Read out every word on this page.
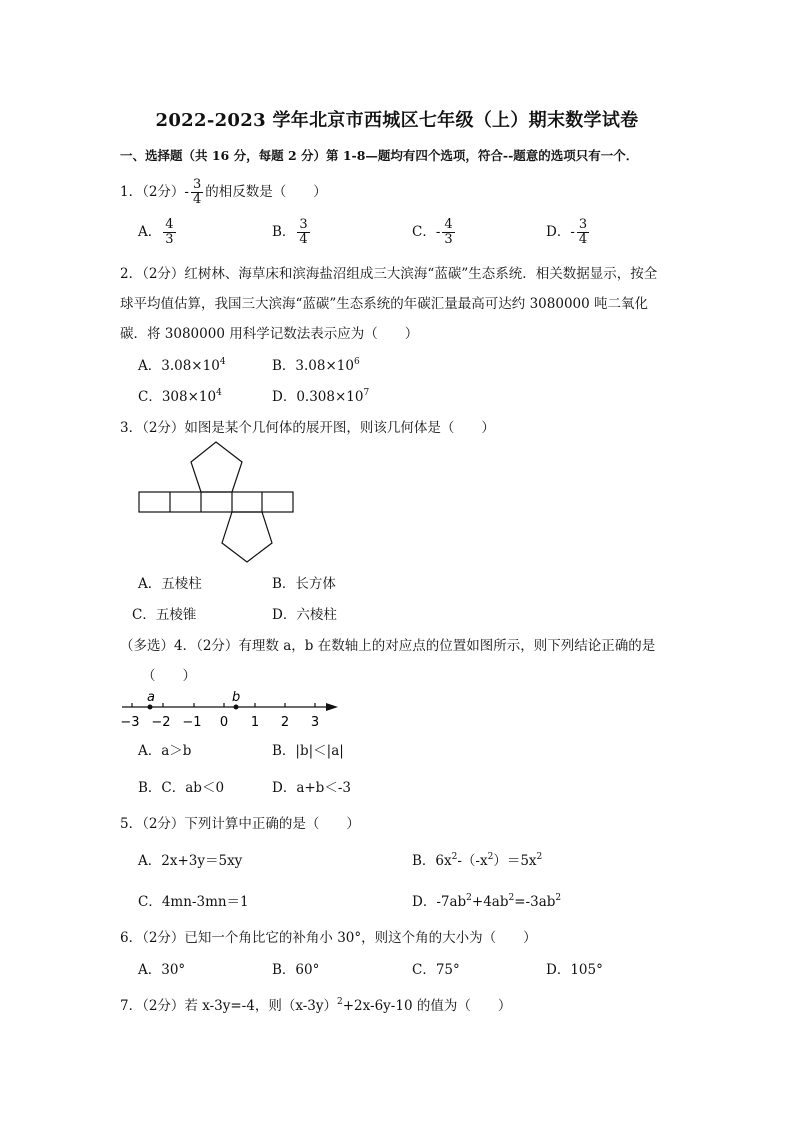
2022-2023 学年北京市西城区七年级（上）期末数学试卷
一、选择题（共 16 分，每题 2 分）第 1-8—题均有四个选项，符合--题意的选项只有一个．
1．（2分）- $\frac{3}{4}$ 的相反数是（　　）
A． $\frac{4}{3}$	B． $\frac{3}{4}$	C．- $\frac{4}{3}$	D．- $\frac{3}{4}$
2．（2分）红树林、海草床和滨海盐沼组成三大滨海“蓝碳”生态系统．相关数据显示，按全
球平均值估算，我国三大滨海“蓝碳”生态系统的年碳汇量最高可达约 3080000 吨二氧化
碳．将 3080000 用科学记数法表示应为（　　）
A．$3.08\times 10^4$	B．$3.08\times 10^6$
C．$308\times 10^4$	D．$0.308\times 10^7$
3．（2分）如图是某个几何体的展开图，则该几何体是（　　）
A．五棱柱	B．长方体
C．五棱锥	D．六棱柱
（多选）4．（2分）有理数 a，b 在数轴上的对应点的位置如图所示，则下列结论正确的是
（　　）
a	b
−3 −2 −1 0 1 2 3
A．a＞b	B．|b|＜|a|
B．C．ab＜0	D．a+b＜-3
5．（2分）下列计算中正确的是（　　）
A．2x+3y＝5xy	B．$6x^2-(-x^2)=5x^2$
C．4mn-3mn＝1	D．$-7ab^2+4ab^2=-3ab^2$
6．（2分）已知一个角比它的补角小 30°，则这个角的大小为（　　）
A．30°	B．60°	C．75°	D．105°
7．（2分）若 x-3y=-4，则$(x-3y)^2+2x-6y-10$ 的值为（　　）
